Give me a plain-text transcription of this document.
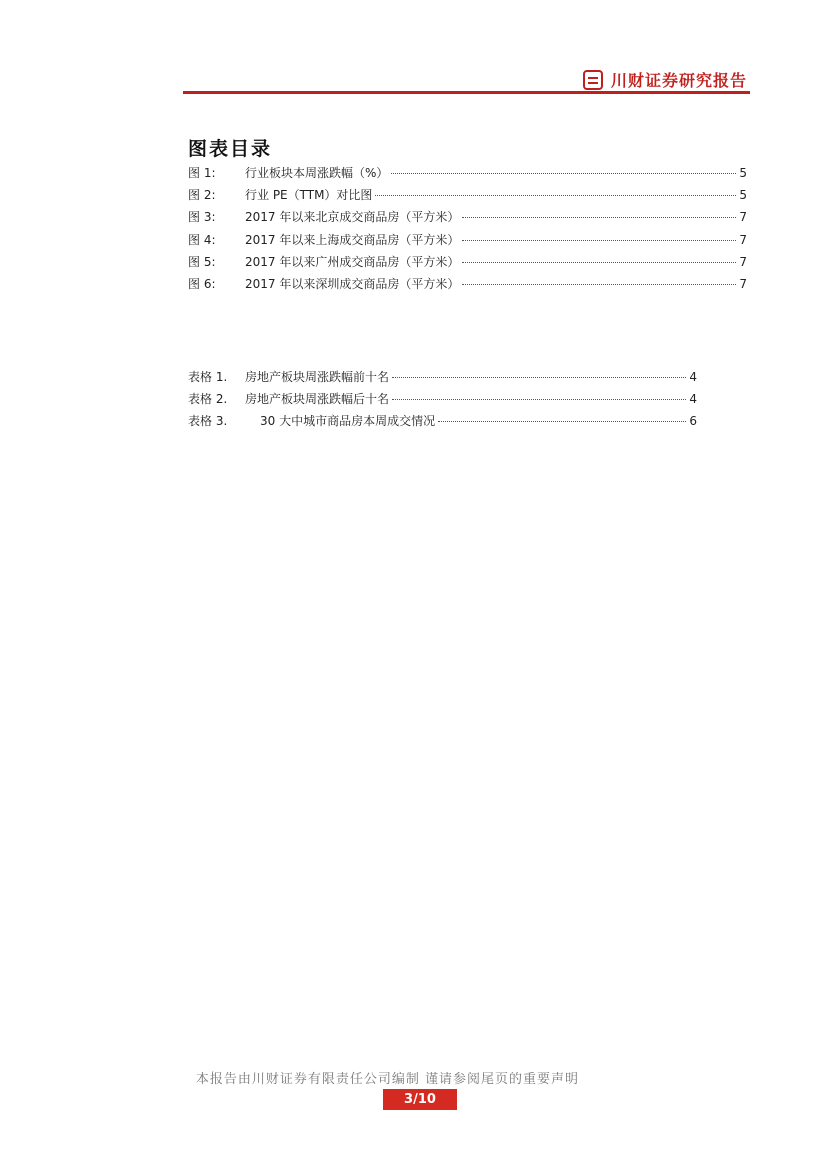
川财证券研究报告
图表目录
图 1:	行业板块本周涨跌幅（%）	5
图 2:	行业 PE（TTM）对比图	5
图 3:	2017 年以来北京成交商品房（平方米）	7
图 4:	2017 年以来上海成交商品房（平方米）	7
图 5:	2017 年以来广州成交商品房（平方米）	7
图 6:	2017 年以来深圳成交商品房（平方米）	7
表格 1.	房地产板块周涨跌幅前十名	4
表格 2.	房地产板块周涨跌幅后十名	4
表格 3.	30 大中城市商品房本周成交情况	6
本报告由川财证券有限责任公司编制 谨请参阅尾页的重要声明
3/10
